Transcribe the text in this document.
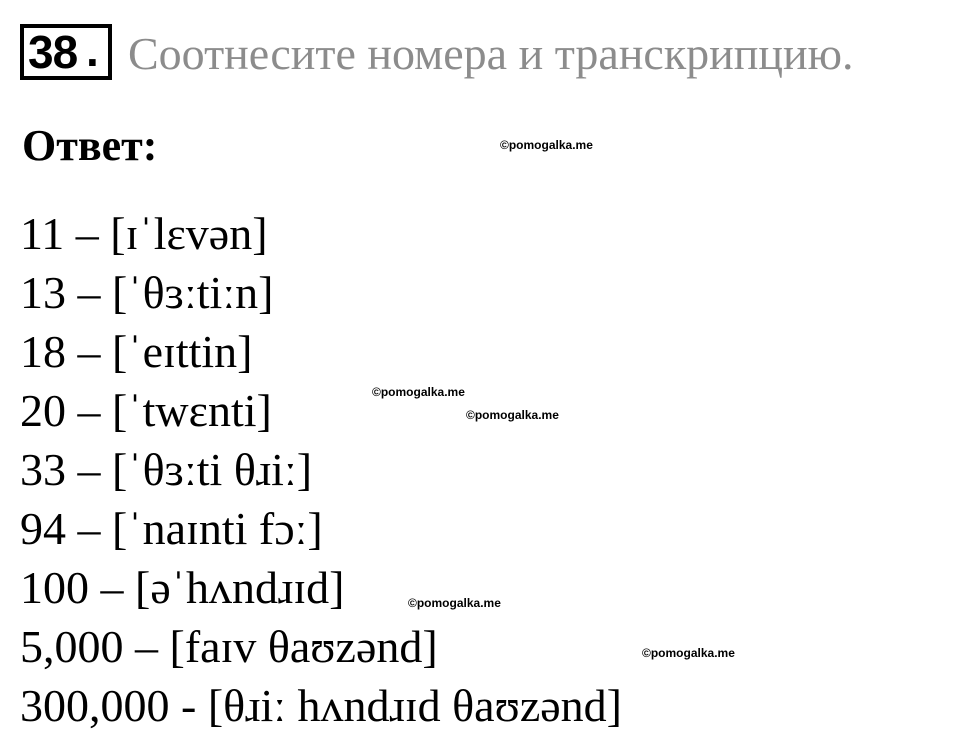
38 . Соотнесите номера и транскрипцию.
Ответ:	©pomogalka.me
©pomogalka.me
©pomogalka.me
©pomogalka.me
©pomogalka.me
11 – [ɪˈlɛvən]
13 – [ˈθɜːtiːn]
18 – [ˈeɪttin]
20 – [ˈtwɛnti]
33 – [ˈθɜːti θɹiː]
94 – [ˈnaɪnti fɔː]
100 – [əˈhʌndɹɪd]
5,000 – [faɪv θaʊzənd]
300,000 - [θɹiː hʌndɹɪd θaʊzənd]
